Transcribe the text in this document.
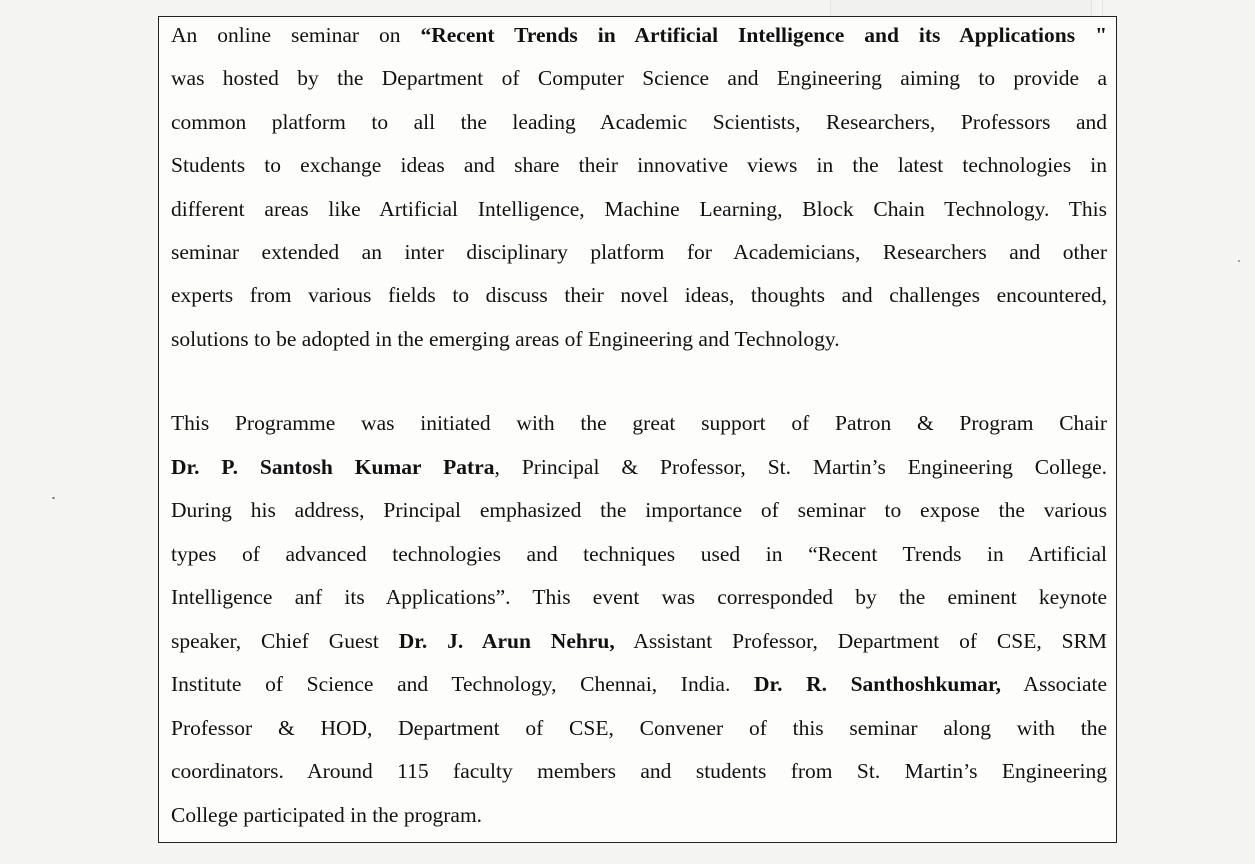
An online seminar on “Recent Trends in Artificial Intelligence and its Applications "
was hosted by the Department of Computer Science and Engineering aiming to provide a
common platform to all the leading Academic Scientists, Researchers, Professors and
Students to exchange ideas and share their innovative views in the latest technologies in
different areas like Artificial Intelligence, Machine Learning, Block Chain Technology. This
seminar extended an inter disciplinary platform for Academicians, Researchers and other
experts from various fields to discuss their novel ideas, thoughts and challenges encountered,
solutions to be adopted in the emerging areas of Engineering and Technology.
This Programme was initiated with the great support of Patron & Program Chair
Dr. P. Santosh Kumar Patra, Principal & Professor, St. Martin’s Engineering College.
During his address, Principal emphasized the importance of seminar to expose the various
types of advanced technologies and techniques used in “Recent Trends in Artificial
Intelligence anf its Applications”. This event was corresponded by the eminent keynote
speaker, Chief Guest Dr. J. Arun Nehru, Assistant Professor, Department of CSE, SRM
Institute of Science and Technology, Chennai, India. Dr. R. Santhoshkumar, Associate
Professor & HOD, Department of CSE, Convener of this seminar along with the
coordinators. Around 115 faculty members and students from St. Martin’s Engineering
College participated in the program.
